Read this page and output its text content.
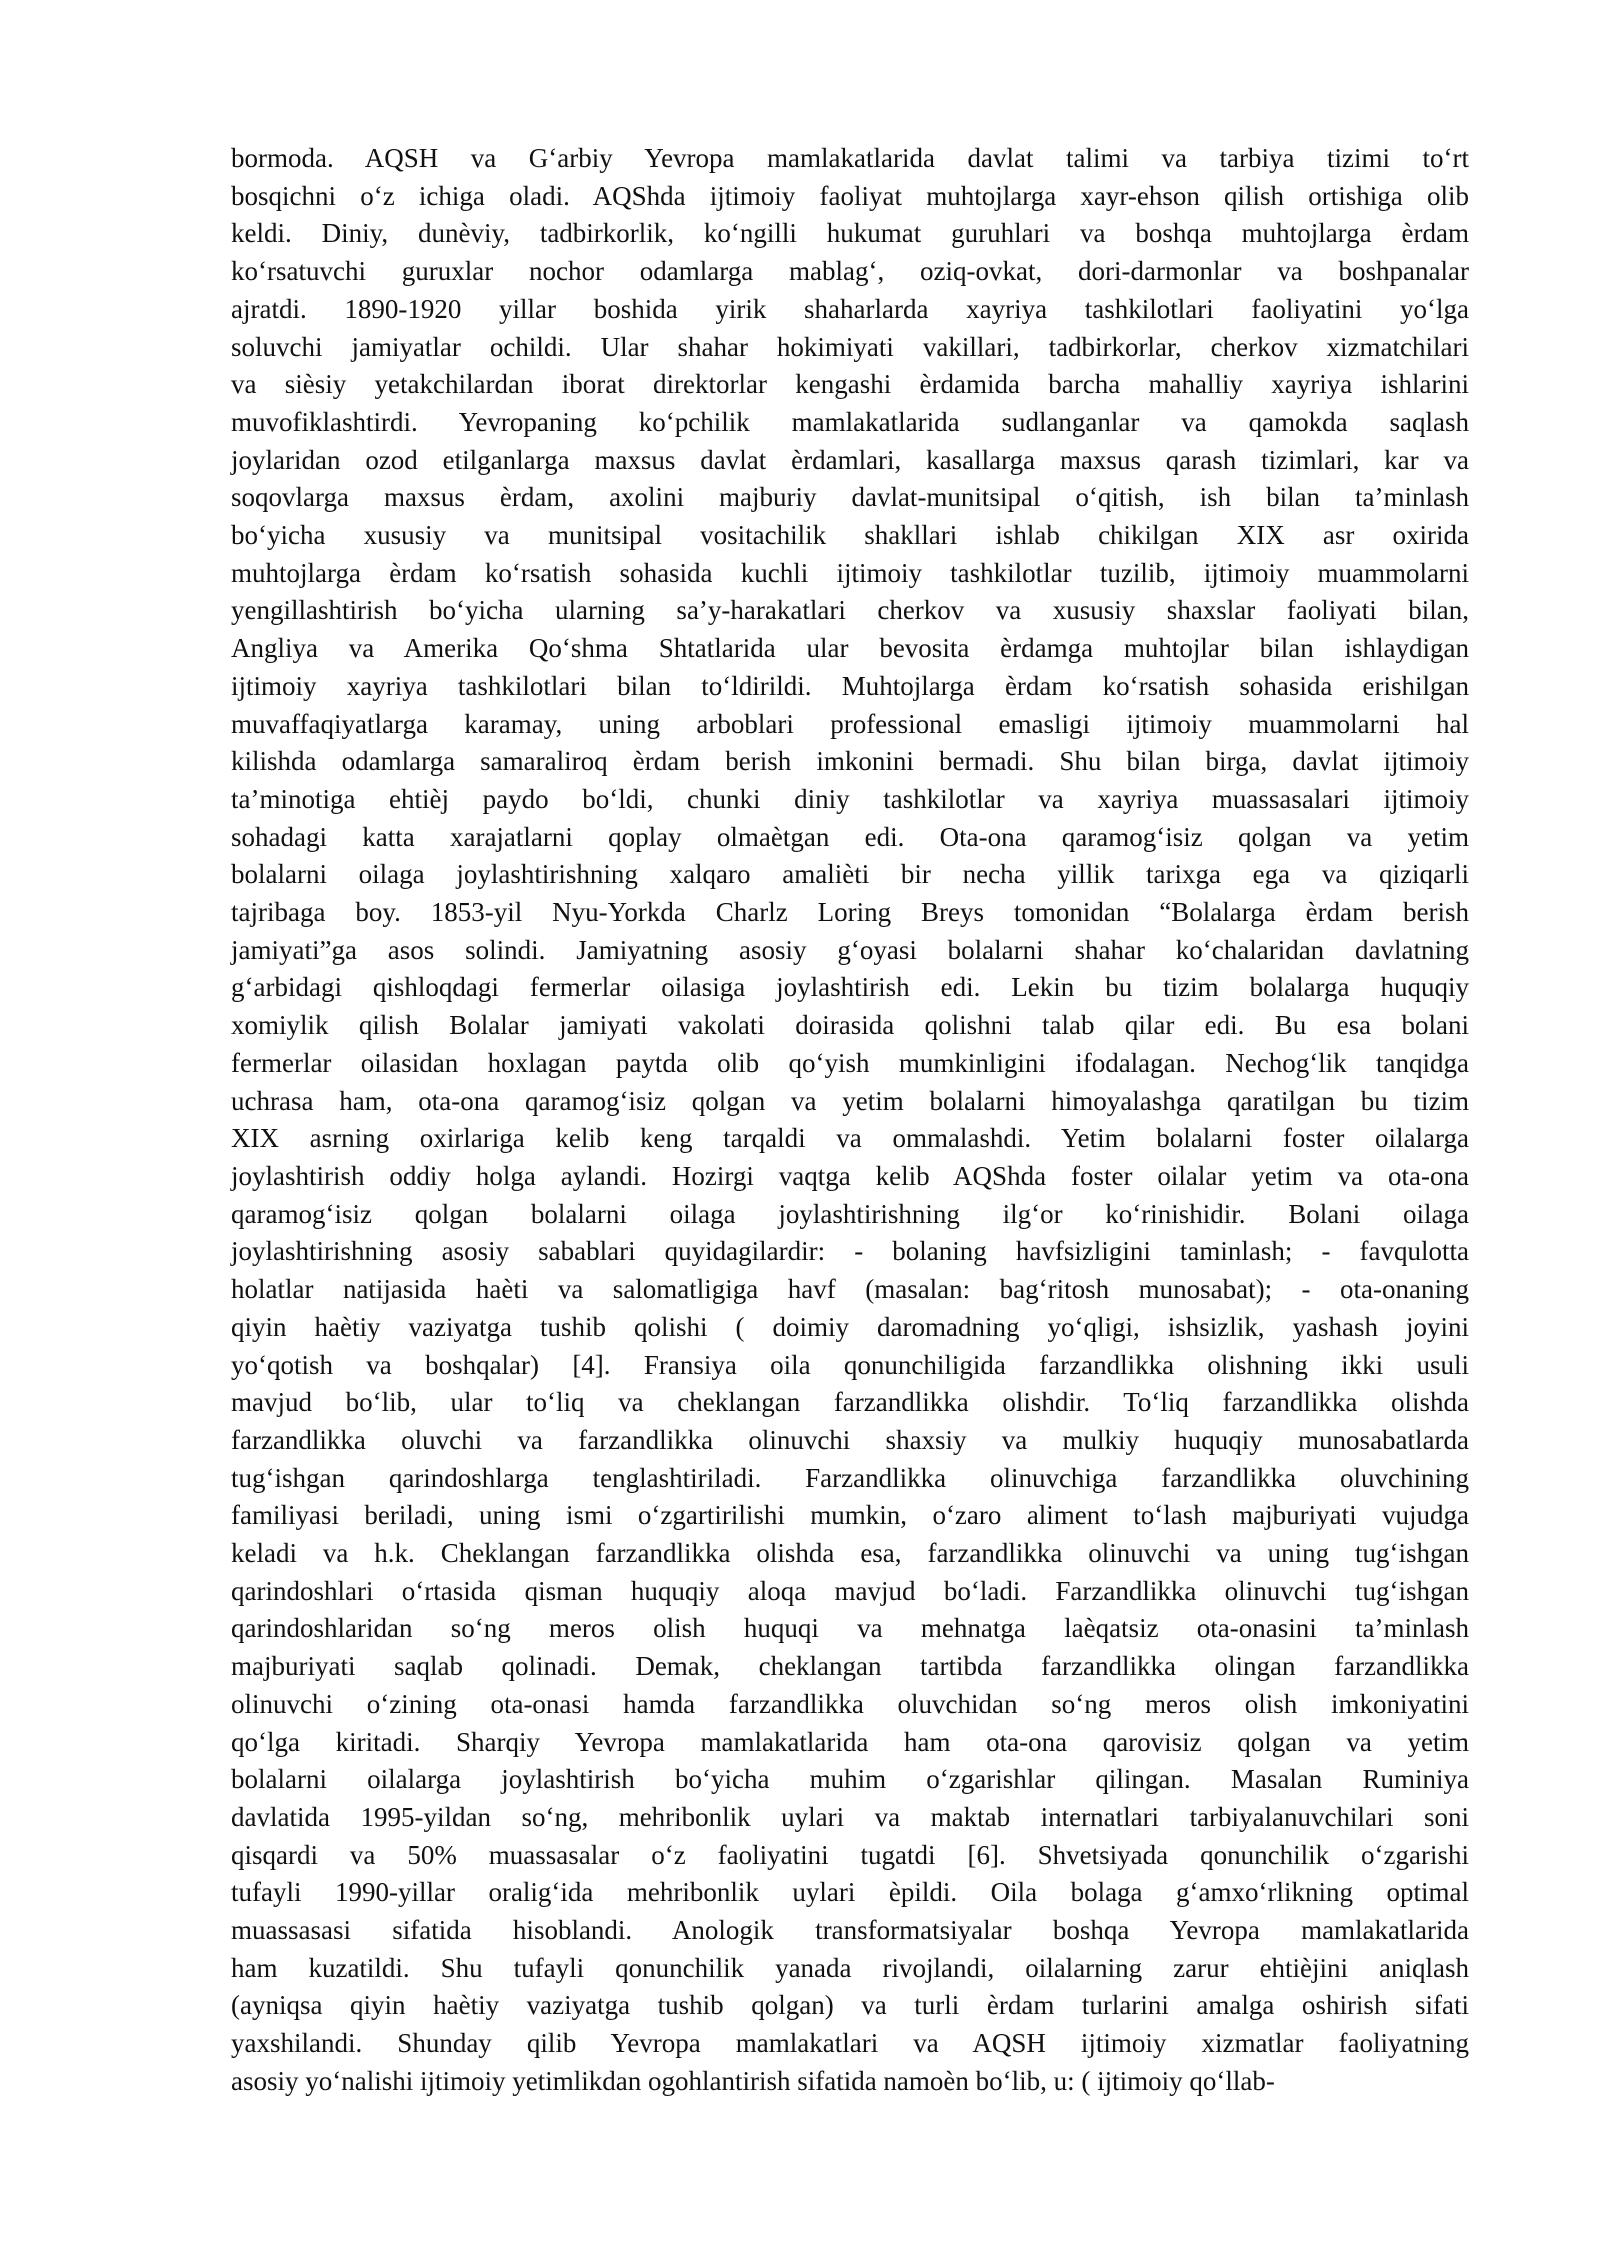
bormoda. AQSH va G‘arbiy Yevropa mamlakatlarida davlat talimi va tarbiya tizimi to‘rt
bosqichni o‘z ichiga oladi. AQShda ijtimoiy faoliyat muhtojlarga xayr-ehson qilish ortishiga olib
keldi. Diniy, dunèviy, tadbirkorlik, ko‘ngilli hukumat guruhlari va boshqa muhtojlarga èrdam
ko‘rsatuvchi guruxlar nochor odamlarga mablag‘, oziq-ovkat, dori-darmonlar va boshpanalar
ajratdi. 1890-1920 yillar boshida yirik shaharlarda xayriya tashkilotlari faoliyatini yo‘lga
soluvchi jamiyatlar ochildi. Ular shahar hokimiyati vakillari, tadbirkorlar, cherkov xizmatchilari
va sièsiy yetakchilardan iborat direktorlar kengashi èrdamida barcha mahalliy xayriya ishlarini
muvofiklashtirdi. Yevropaning ko‘pchilik mamlakatlarida sudlanganlar va qamokda saqlash
joylaridan ozod etilganlarga maxsus davlat èrdamlari, kasallarga maxsus qarash tizimlari, kar va
soqovlarga maxsus èrdam, axolini majburiy davlat-munitsipal o‘qitish, ish bilan ta’minlash
bo‘yicha xususiy va munitsipal vositachilik shakllari ishlab chikilgan XIX asr oxirida
muhtojlarga èrdam ko‘rsatish sohasida kuchli ijtimoiy tashkilotlar tuzilib, ijtimoiy muammolarni
yengillashtirish bo‘yicha ularning sa’y-harakatlari cherkov va xususiy shaxslar faoliyati bilan,
Angliya va Amerika Qo‘shma Shtatlarida ular bevosita èrdamga muhtojlar bilan ishlaydigan
ijtimoiy xayriya tashkilotlari bilan to‘ldirildi. Muhtojlarga èrdam ko‘rsatish sohasida erishilgan
muvaffaqiyatlarga karamay, uning arboblari professional emasligi ijtimoiy muammolarni hal
kilishda odamlarga samaraliroq èrdam berish imkonini bermadi. Shu bilan birga, davlat ijtimoiy
ta’minotiga ehtièj paydo bo‘ldi, chunki diniy tashkilotlar va xayriya muassasalari ijtimoiy
sohadagi katta xarajatlarni qoplay olmaètgan edi. Ota-ona qaramog‘isiz qolgan va yetim
bolalarni oilaga joylashtirishning xalqaro amalièti bir necha yillik tarixga ega va qiziqarli
tajribaga boy. 1853-yil Nyu-Yorkda Charlz Loring Breys tomonidan “Bolalarga èrdam berish
jamiyati”ga asos solindi. Jamiyatning asosiy g‘oyasi bolalarni shahar ko‘chalaridan davlatning
g‘arbidagi qishloqdagi fermerlar oilasiga joylashtirish edi. Lekin bu tizim bolalarga huquqiy
xomiylik qilish Bolalar jamiyati vakolati doirasida qolishni talab qilar edi. Bu esa bolani
fermerlar oilasidan hoxlagan paytda olib qo‘yish mumkinligini ifodalagan. Nechog‘lik tanqidga
uchrasa ham, ota-ona qaramog‘isiz qolgan va yetim bolalarni himoyalashga qaratilgan bu tizim
XIX asrning oxirlariga kelib keng tarqaldi va ommalashdi. Yetim bolalarni foster oilalarga
joylashtirish oddiy holga aylandi. Hozirgi vaqtga kelib AQShda foster oilalar yetim va ota-ona
qaramog‘isiz qolgan bolalarni oilaga joylashtirishning ilg‘or ko‘rinishidir. Bolani oilaga
joylashtirishning asosiy sabablari quyidagilardir: - bolaning havfsizligini taminlash; - favqulotta
holatlar natijasida haèti va salomatligiga havf (masalan: bag‘ritosh munosabat); - ota-onaning
qiyin haètiy vaziyatga tushib qolishi ( doimiy daromadning yo‘qligi, ishsizlik, yashash joyini
yo‘qotish va boshqalar) [4]. Fransiya oila qonunchiligida farzandlikka olishning ikki usuli
mavjud bo‘lib, ular to‘liq va cheklangan farzandlikka olishdir. To‘liq farzandlikka olishda
farzandlikka oluvchi va farzandlikka olinuvchi shaxsiy va mulkiy huquqiy munosabatlarda
tug‘ishgan qarindoshlarga tenglashtiriladi. Farzandlikka olinuvchiga farzandlikka oluvchining
familiyasi beriladi, uning ismi o‘zgartirilishi mumkin, o‘zaro aliment to‘lash majburiyati vujudga
keladi va h.k. Cheklangan farzandlikka olishda esa, farzandlikka olinuvchi va uning tug‘ishgan
qarindoshlari o‘rtasida qisman huquqiy aloqa mavjud bo‘ladi. Farzandlikka olinuvchi tug‘ishgan
qarindoshlaridan so‘ng meros olish huquqi va mehnatga laèqatsiz ota-onasini ta’minlash
majburiyati saqlab qolinadi. Demak, cheklangan tartibda farzandlikka olingan farzandlikka
olinuvchi o‘zining ota-onasi hamda farzandlikka oluvchidan so‘ng meros olish imkoniyatini
qo‘lga kiritadi. Sharqiy Yevropa mamlakatlarida ham ota-ona qarovisiz qolgan va yetim
bolalarni oilalarga joylashtirish bo‘yicha muhim o‘zgarishlar qilingan. Masalan Ruminiya
davlatida 1995-yildan so‘ng, mehribonlik uylari va maktab internatlari tarbiyalanuvchilari soni
qisqardi va 50% muassasalar o‘z faoliyatini tugatdi [6]. Shvetsiyada qonunchilik o‘zgarishi
tufayli 1990-yillar oralig‘ida mehribonlik uylari èpildi. Oila bolaga g‘amxo‘rlikning optimal
muassasasi sifatida hisoblandi. Anologik transformatsiyalar boshqa Yevropa mamlakatlarida
ham kuzatildi. Shu tufayli qonunchilik yanada rivojlandi, oilalarning zarur ehtièjini aniqlash
(ayniqsa qiyin haètiy vaziyatga tushib qolgan) va turli èrdam turlarini amalga oshirish sifati
yaxshilandi. Shunday qilib Yevropa mamlakatlari va AQSH ijtimoiy xizmatlar faoliyatning
asosiy yo‘nalishi ijtimoiy yetimlikdan ogohlantirish sifatida namoèn bo‘lib, u: ( ijtimoiy qo‘llab-
